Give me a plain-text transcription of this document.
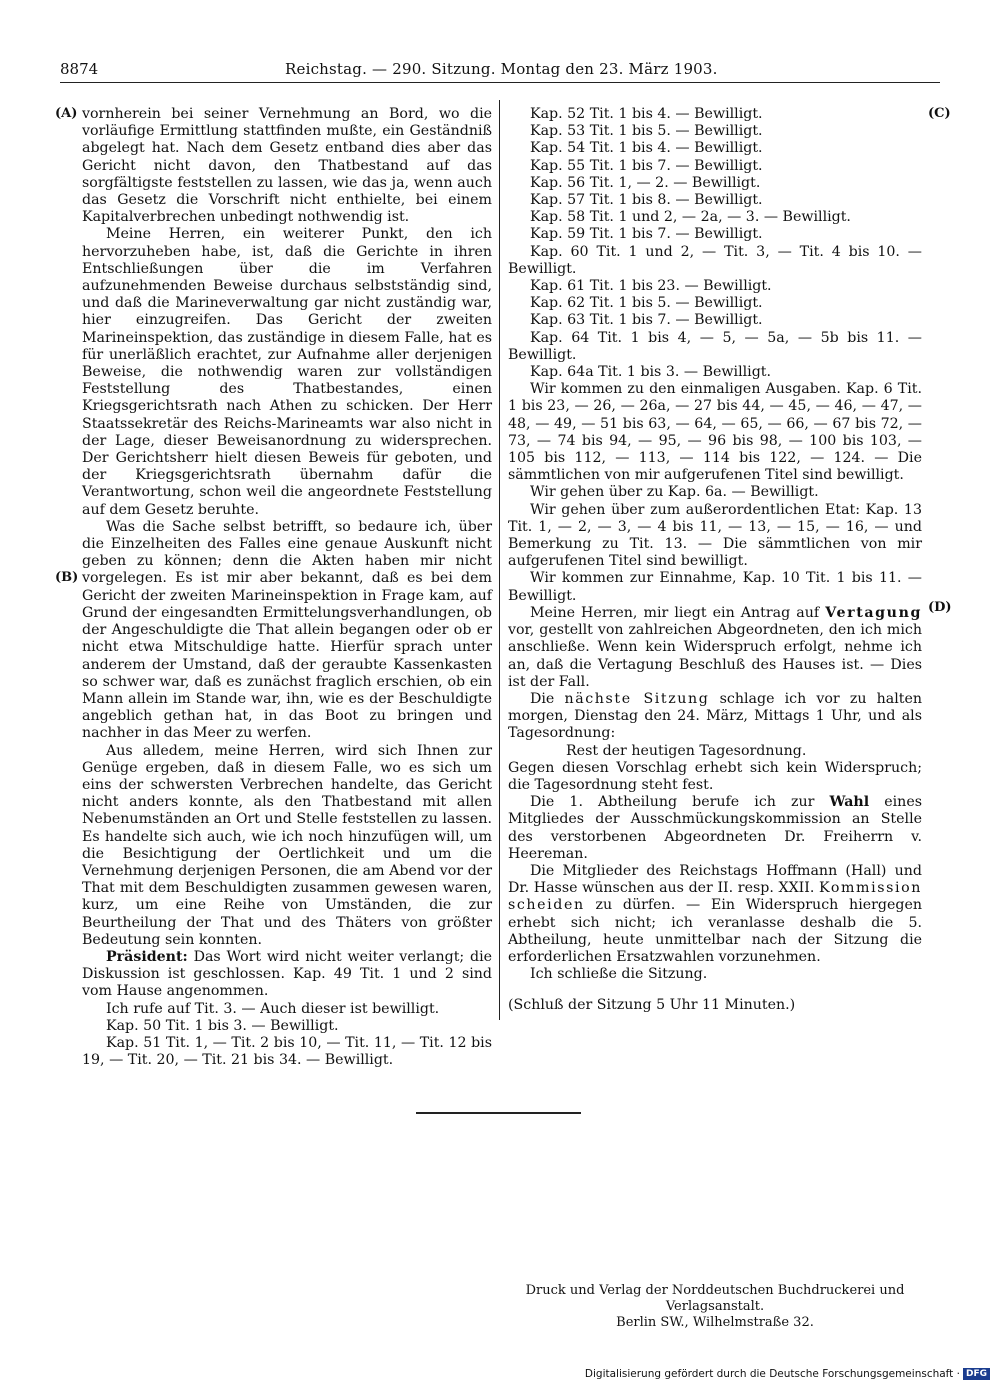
8874	Reichstag. — 290. Sitzung. Montag den 23. März 1903.
(A)
(B)
(C)
(D)

vornherein bei seiner Vernehmung an Bord, wo die vorläufige Ermittlung stattfinden mußte, ein Geständniß abgelegt hat. Nach dem Gesetz entband dies aber das Gericht nicht davon, den Thatbestand auf das sorgfältigste feststellen zu lassen, wie das ja, wenn auch das Gesetz die Vorschrift nicht enthielte, bei einem Kapitalverbrechen unbedingt nothwendig ist.

Meine Herren, ein weiterer Punkt, den ich hervorzuheben habe, ist, daß die Gerichte in ihren Entschließungen über die im Verfahren aufzunehmenden Beweise durchaus selbstständig sind, und daß die Marineverwaltung gar nicht zuständig war, hier einzugreifen. Das Gericht der zweiten Marineinspektion, das zuständige in diesem Falle, hat es für unerläßlich erachtet, zur Aufnahme aller derjenigen Beweise, die nothwendig waren zur vollständigen Feststellung des Thatbestandes, einen Kriegsgerichtsrath nach Athen zu schicken. Der Herr Staatssekretär des Reichs-Marineamts war also nicht in der Lage, dieser Beweisanordnung zu widersprechen. Der Gerichtsherr hielt diesen Beweis für geboten, und der Kriegsgerichtsrath übernahm dafür die Verantwortung, schon weil die angeordnete Feststellung auf dem Gesetz beruhte.

Was die Sache selbst betrifft, so bedaure ich, über die Einzelheiten des Falles eine genaue Auskunft nicht geben zu können; denn die Akten haben mir nicht vorgelegen. Es ist mir aber bekannt, daß es bei dem Gericht der zweiten Marineinspektion in Frage kam, auf Grund der eingesandten Ermittelungsverhandlungen, ob der Angeschuldigte die That allein begangen oder ob er nicht etwa Mitschuldige hatte. Hierfür sprach unter anderem der Umstand, daß der geraubte Kassenkasten so schwer war, daß es zunächst fraglich erschien, ob ein Mann allein im Stande war, ihn, wie es der Beschuldigte angeblich gethan hat, in das Boot zu bringen und nachher in das Meer zu werfen.

Aus alledem, meine Herren, wird sich Ihnen zur Genüge ergeben, daß in diesem Falle, wo es sich um eins der schwersten Verbrechen handelte, das Gericht nicht anders konnte, als den Thatbestand mit allen Nebenumständen an Ort und Stelle feststellen zu lassen. Es handelte sich auch, wie ich noch hinzufügen will, um die Besichtigung der Oertlichkeit und um die Vernehmung derjenigen Personen, die am Abend vor der That mit dem Beschuldigten zusammen gewesen waren, kurz, um eine Reihe von Umständen, die zur Beurtheilung der That und des Thäters von größter Bedeutung sein konnten.

Präsident: Das Wort wird nicht weiter verlangt; die Diskussion ist geschlossen. Kap. 49 Tit. 1 und 2 sind vom Hause angenommen.

Ich rufe auf Tit. 3. — Auch dieser ist bewilligt.

Kap. 50 Tit. 1 bis 3. — Bewilligt.

Kap. 51 Tit. 1, — Tit. 2 bis 10, — Tit. 11, — Tit. 12 bis 19, — Tit. 20, — Tit. 21 bis 34. — Bewilligt.

Kap. 52 Tit. 1 bis 4. — Bewilligt.

Kap. 53 Tit. 1 bis 5. — Bewilligt.

Kap. 54 Tit. 1 bis 4. — Bewilligt.

Kap. 55 Tit. 1 bis 7. — Bewilligt.

Kap. 56 Tit. 1, — 2. — Bewilligt.

Kap. 57 Tit. 1 bis 8. — Bewilligt.

Kap. 58 Tit. 1 und 2, — 2a, — 3. — Bewilligt.

Kap. 59 Tit. 1 bis 7. — Bewilligt.

Kap. 60 Tit. 1 und 2, — Tit. 3, — Tit. 4 bis 10. — Bewilligt.

Kap. 61 Tit. 1 bis 23. — Bewilligt.

Kap. 62 Tit. 1 bis 5. — Bewilligt.

Kap. 63 Tit. 1 bis 7. — Bewilligt.

Kap. 64 Tit. 1 bis 4, — 5, — 5a, — 5b bis 11. — Bewilligt.

Kap. 64a Tit. 1 bis 3. — Bewilligt.

Wir kommen zu den einmaligen Ausgaben. Kap. 6 Tit. 1 bis 23, — 26, — 26a, — 27 bis 44, — 45, — 46, — 47, — 48, — 49, — 51 bis 63, — 64, — 65, — 66, — 67 bis 72, — 73, — 74 bis 94, — 95, — 96 bis 98, — 100 bis 103, — 105 bis 112, — 113, — 114 bis 122, — 124. — Die sämmtlichen von mir aufgerufenen Titel sind bewilligt.

Wir gehen über zu Kap. 6a. — Bewilligt.

Wir gehen über zum außerordentlichen Etat: Kap. 13 Tit. 1, — 2, — 3, — 4 bis 11, — 13, — 15, — 16, — und Bemerkung zu Tit. 13. — Die sämmtlichen von mir aufgerufenen Titel sind bewilligt.

Wir kommen zur Einnahme, Kap. 10 Tit. 1 bis 11. — Bewilligt.

Meine Herren, mir liegt ein Antrag auf Vertagung vor, gestellt von zahlreichen Abgeordneten, den ich mich anschließe. Wenn kein Widerspruch erfolgt, nehme ich an, daß die Vertagung Beschluß des Hauses ist. — Dies ist der Fall.

Die nächste Sitzung schlage ich vor zu halten morgen, Dienstag den 24. März, Mittags 1 Uhr, und als Tagesordnung:

Rest der heutigen Tagesordnung.

Gegen diesen Vorschlag erhebt sich kein Widerspruch; die Tagesordnung steht fest.

Die 1. Abtheilung berufe ich zur Wahl eines Mitgliedes der Ausschmückungskommission an Stelle des verstorbenen Abgeordneten Dr. Freiherrn v. Heereman.

Die Mitglieder des Reichstags Hoffmann (Hall) und Dr. Hasse wünschen aus der II. resp. XXII. Kommission scheiden zu dürfen. — Ein Widerspruch hiergegen erhebt sich nicht; ich veranlasse deshalb die 5. Abtheilung, heute unmittelbar nach der Sitzung die erforderlichen Ersatzwahlen vorzunehmen.

Ich schließe die Sitzung.

(Schluß der Sitzung 5 Uhr 11 Minuten.)

Druck und Verlag der Norddeutschen Buchdruckerei und Verlagsanstalt.
Berlin SW., Wilhelmstraße 32.
Digitalisierung gefördert durch die Deutsche Forschungsgemeinschaft · DFG
